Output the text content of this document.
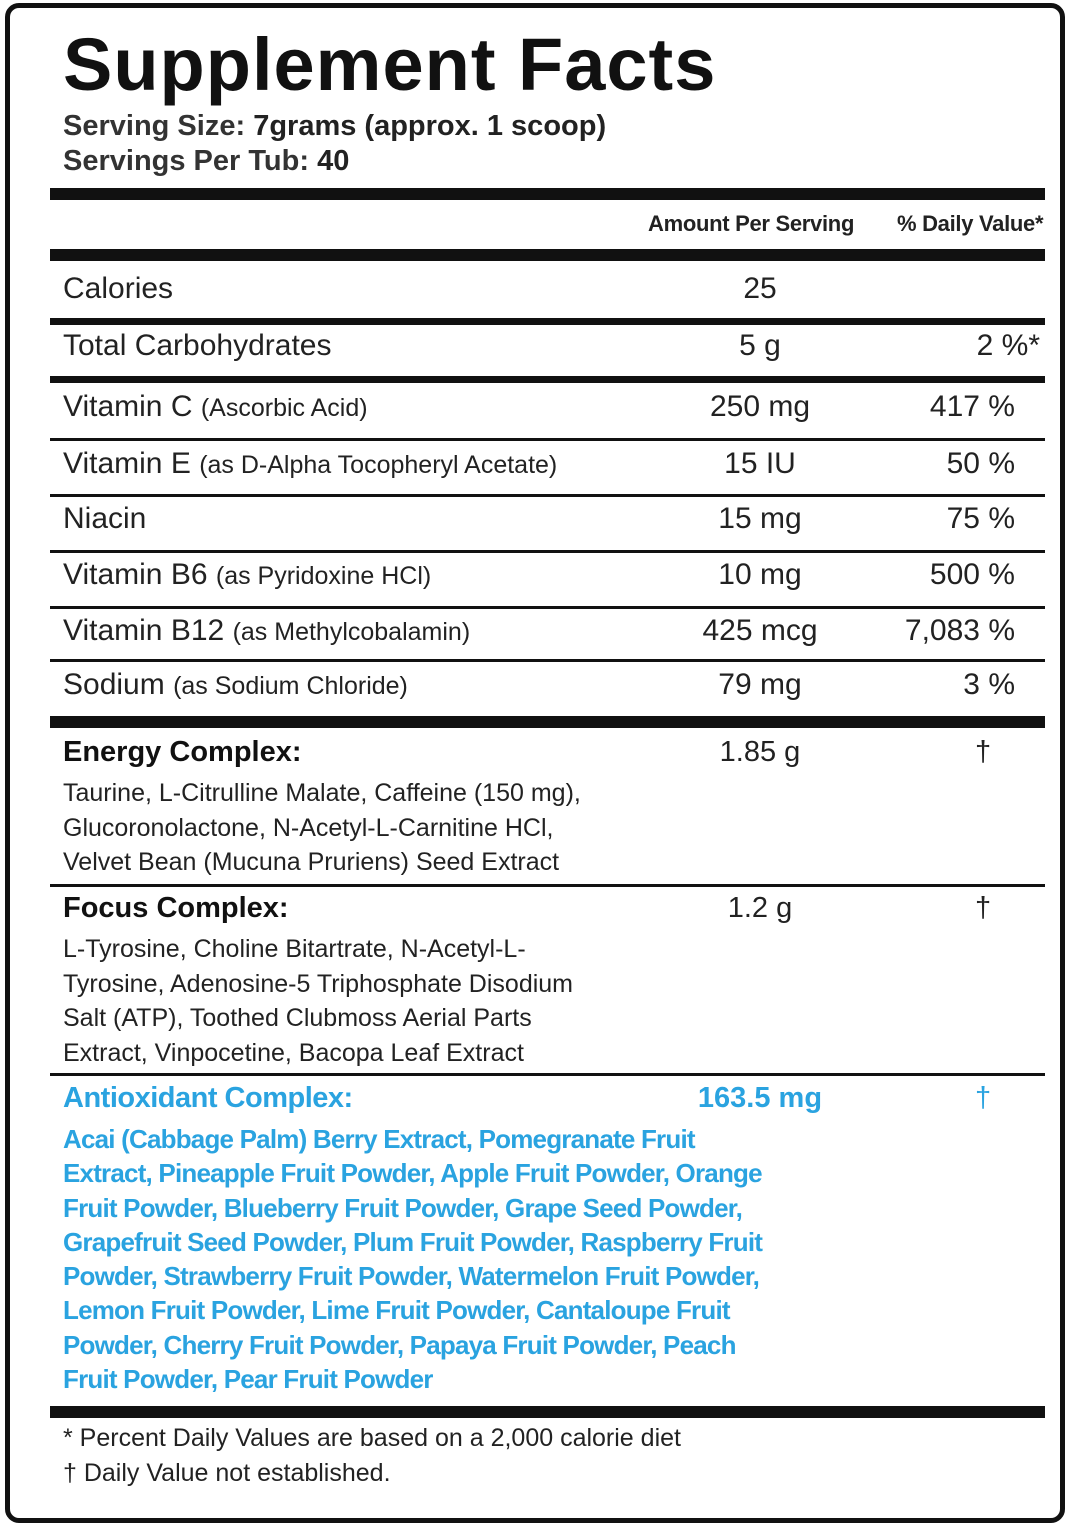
Supplement Facts
Serving Size: 7grams (approx. 1 scoop)
Servings Per Tub: 40
Amount Per Serving % Daily Value*
Calories	25
Total Carbohydrates	5 g	2 %*
Vitamin C (Ascorbic Acid)	250 mg	417 %
Vitamin E (as D-Alpha Tocopheryl Acetate)	15 IU	50 %
Niacin	15 mg	75 %
Vitamin B6 (as Pyridoxine HCl)	10 mg	500 %
Vitamin B12 (as Methylcobalamin)	425 mcg	7,083 %
Sodium (as Sodium Chloride)	79 mg	3 %
Energy Complex:	1.85 g	†
Taurine, L-Citrulline Malate, Caffeine (150 mg),
Glucoronolactone, N-Acetyl-L-Carnitine HCl,
Velvet Bean (Mucuna Pruriens) Seed Extract
Focus Complex:	1.2 g	†
L-Tyrosine, Choline Bitartrate, N-Acetyl-L-
Tyrosine, Adenosine-5 Triphosphate Disodium
Salt (ATP), Toothed Clubmoss Aerial Parts
Extract, Vinpocetine, Bacopa Leaf Extract
Antioxidant Complex:	163.5 mg	†
Acai (Cabbage Palm) Berry Extract, Pomegranate Fruit
Extract, Pineapple Fruit Powder, Apple Fruit Powder, Orange
Fruit Powder, Blueberry Fruit Powder, Grape Seed Powder,
Grapefruit Seed Powder, Plum Fruit Powder, Raspberry Fruit
Powder, Strawberry Fruit Powder, Watermelon Fruit Powder,
Lemon Fruit Powder, Lime Fruit Powder, Cantaloupe Fruit
Powder, Cherry Fruit Powder, Papaya Fruit Powder, Peach
Fruit Powder, Pear Fruit Powder
* Percent Daily Values are based on a 2,000 calorie diet
† Daily Value not established.
